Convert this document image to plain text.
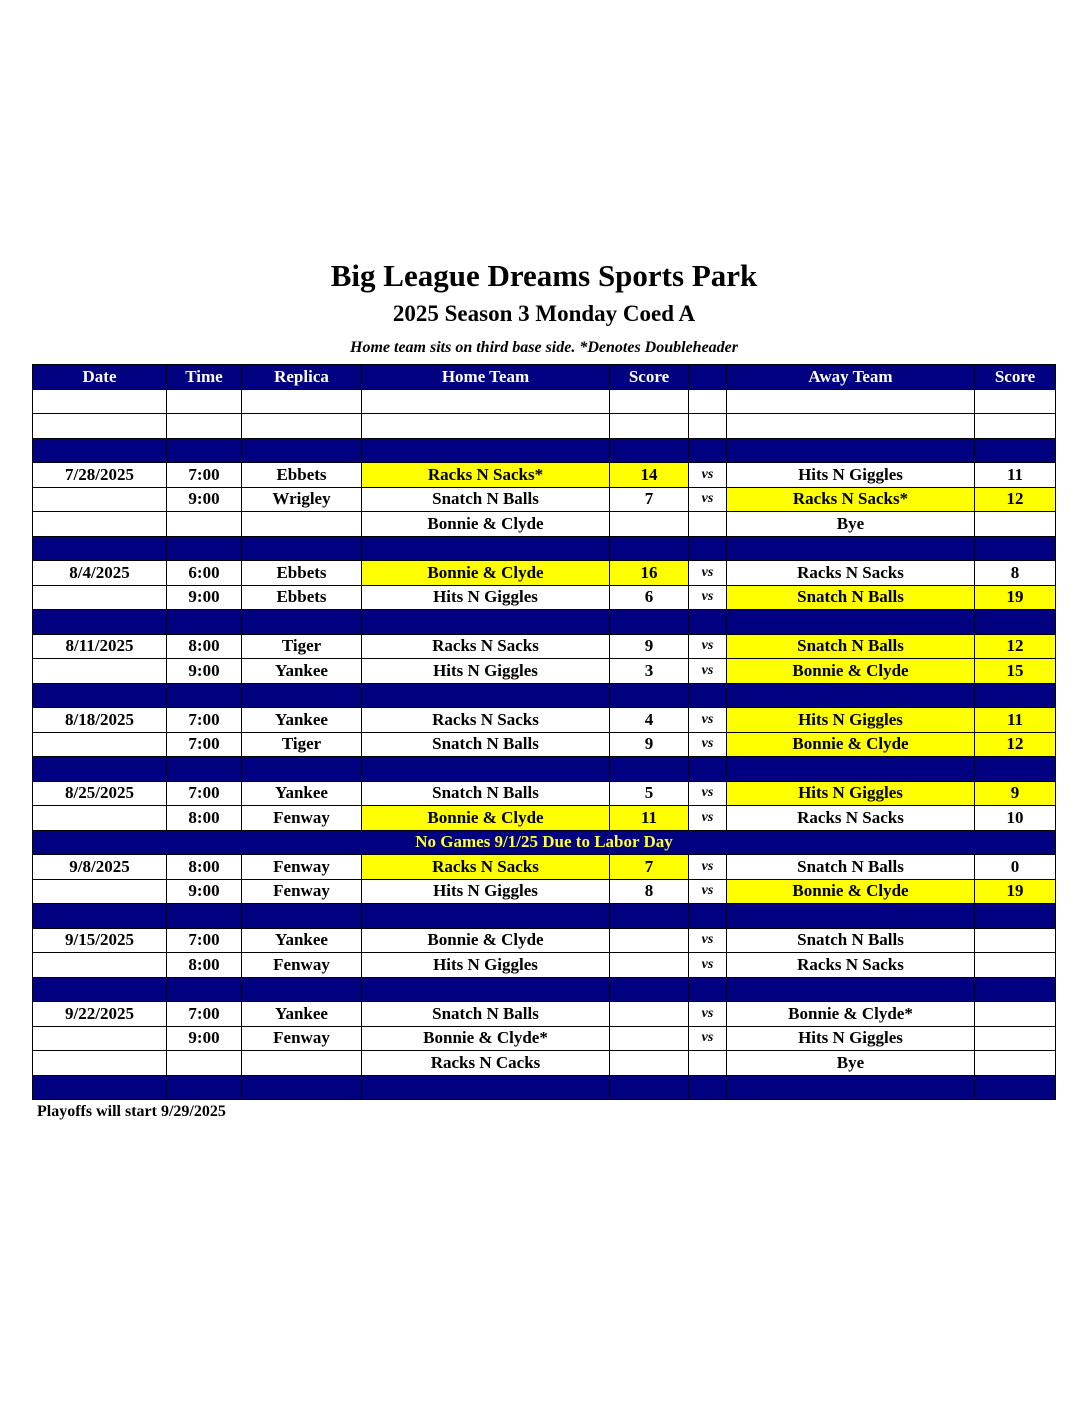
Big League Dreams Sports Park
2025 Season 3 Monday Coed A
Home team sits on third base side. *Denotes Doubleheader
Date	Time	Replica	Home Team	Score		Away Team	Score

7/28/2025	7:00	Ebbets	Racks N Sacks*	14	vs	Hits N Giggles	11
	9:00	Wrigley	Snatch N Balls	7	vs	Racks N Sacks*	12
			Bonnie & Clyde			Bye	

8/4/2025	6:00	Ebbets	Bonnie & Clyde	16	vs	Racks N Sacks	8
	9:00	Ebbets	Hits N Giggles	6	vs	Snatch N Balls	19

8/11/2025	8:00	Tiger	Racks N Sacks	9	vs	Snatch N Balls	12
	9:00	Yankee	Hits N Giggles	3	vs	Bonnie & Clyde	15

8/18/2025	7:00	Yankee	Racks N Sacks	4	vs	Hits N Giggles	11
	7:00	Tiger	Snatch N Balls	9	vs	Bonnie & Clyde	12

8/25/2025	7:00	Yankee	Snatch N Balls	5	vs	Hits N Giggles	9
	8:00	Fenway	Bonnie & Clyde	11	vs	Racks N Sacks	10
No Games 9/1/25 Due to Labor Day							
9/8/2025	8:00	Fenway	Racks N Sacks	7	vs	Snatch N Balls	0
	9:00	Fenway	Hits N Giggles	8	vs	Bonnie & Clyde	19

9/15/2025	7:00	Yankee	Bonnie & Clyde		vs	Snatch N Balls	
	8:00	Fenway	Hits N Giggles		vs	Racks N Sacks	

9/22/2025	7:00	Yankee	Snatch N Balls		vs	Bonnie & Clyde*	
	9:00	Fenway	Bonnie & Clyde*		vs	Hits N Giggles	
			Racks N Cacks			Bye	

Playoffs will start 9/29/2025
